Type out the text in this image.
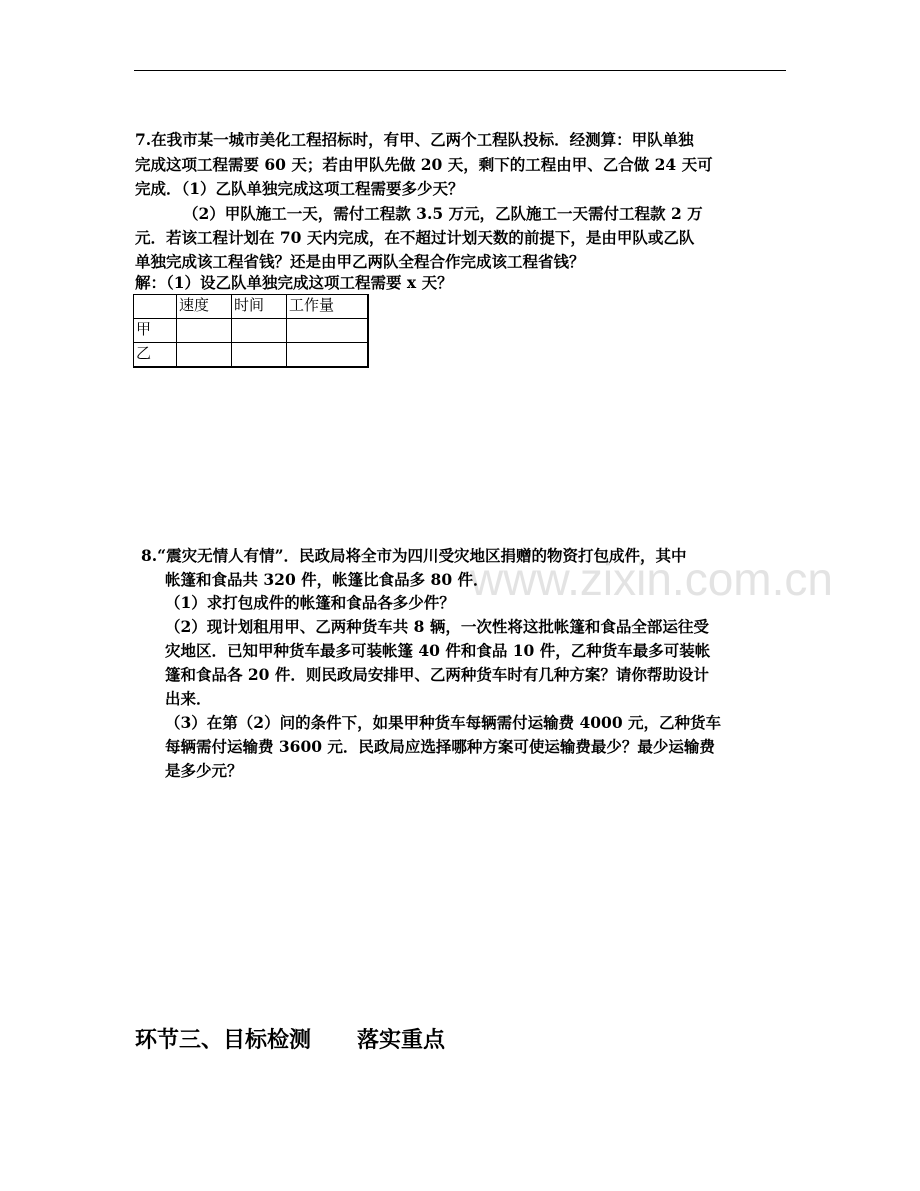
7.在我市某一城市美化工程招标时，有甲、乙两个工程队投标．经测算：甲队单独
完成这项工程需要 60 天；若由甲队先做 20 天，剩下的工程由甲、乙合做 24 天可
完成．（1）乙队单独完成这项工程需要多少天？
（2）甲队施工一天，需付工程款 3.5 万元，乙队施工一天需付工程款 2 万
元．若该工程计划在 70 天内完成，在不超过计划天数的前提下，是由甲队或乙队
单独完成该工程省钱？还是由甲乙两队全程合作完成该工程省钱？
解：（1）设乙队单独完成这项工程需要 x 天？
	速度	时间	工作量
甲			
乙			
www.zixin.com.cn
8.“震灾无情人有情”．民政局将全市为四川受灾地区捐赠的物资打包成件，其中
帐篷和食品共 320 件，帐篷比食品多 80 件．
（1）求打包成件的帐篷和食品各多少件？
（2）现计划租用甲、乙两种货车共 8 辆，一次性将这批帐篷和食品全部运往受
灾地区．已知甲种货车最多可装帐篷 40 件和食品 10 件，乙种货车最多可装帐
篷和食品各 20 件．则民政局安排甲、乙两种货车时有几种方案？请你帮助设计
出来．
（3）在第（2）问的条件下，如果甲种货车每辆需付运输费 4000 元，乙种货车
每辆需付运输费 3600 元．民政局应选择哪种方案可使运输费最少？最少运输费
是多少元？
环节三、目标检测      落实重点
